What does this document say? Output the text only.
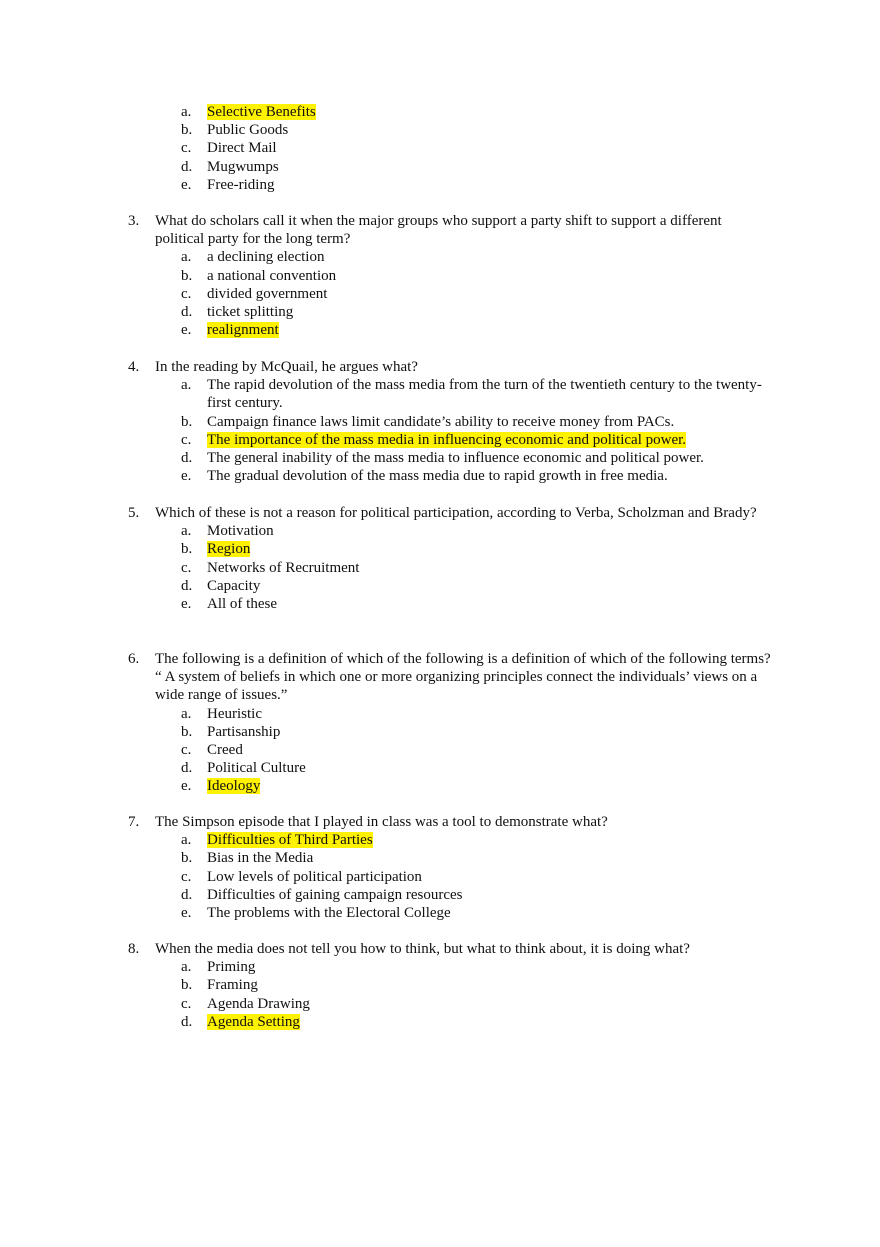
a. Selective Benefits
b. Public Goods
c. Direct Mail
d. Mugwumps
e. Free-riding
3. What do scholars call it when the major groups who support a party shift to support a different political party for the long term?
a. a declining election
b. a national convention
c. divided government
d. ticket splitting
e. realignment
4. In the reading by McQuail, he argues what?
a. The rapid devolution of the mass media from the turn of the twentieth century to the twenty-first century.
b. Campaign finance laws limit candidate’s ability to receive money from PACs.
c. The importance of the mass media in influencing economic and political power.
d. The general inability of the mass media to influence economic and political power.
e. The gradual devolution of the mass media due to rapid growth in free media.
5. Which of these is not a reason for political participation, according to Verba, Scholzman and Brady?
a. Motivation
b. Region
c. Networks of Recruitment
d. Capacity
e. All of these
6. The following is a definition of which of the following is a definition of which of the following terms? “ A system of beliefs in which one or more organizing principles connect the individuals’ views on a wide range of issues.”
a. Heuristic
b. Partisanship
c. Creed
d. Political Culture
e. Ideology
7. The Simpson episode that I played in class was a tool to demonstrate what?
a. Difficulties of Third Parties
b. Bias in the Media
c. Low levels of political participation
d. Difficulties of gaining campaign resources
e. The problems with the Electoral College
8. When the media does not tell you how to think, but what to think about, it is doing what?
a. Priming
b. Framing
c. Agenda Drawing
d. Agenda Setting
